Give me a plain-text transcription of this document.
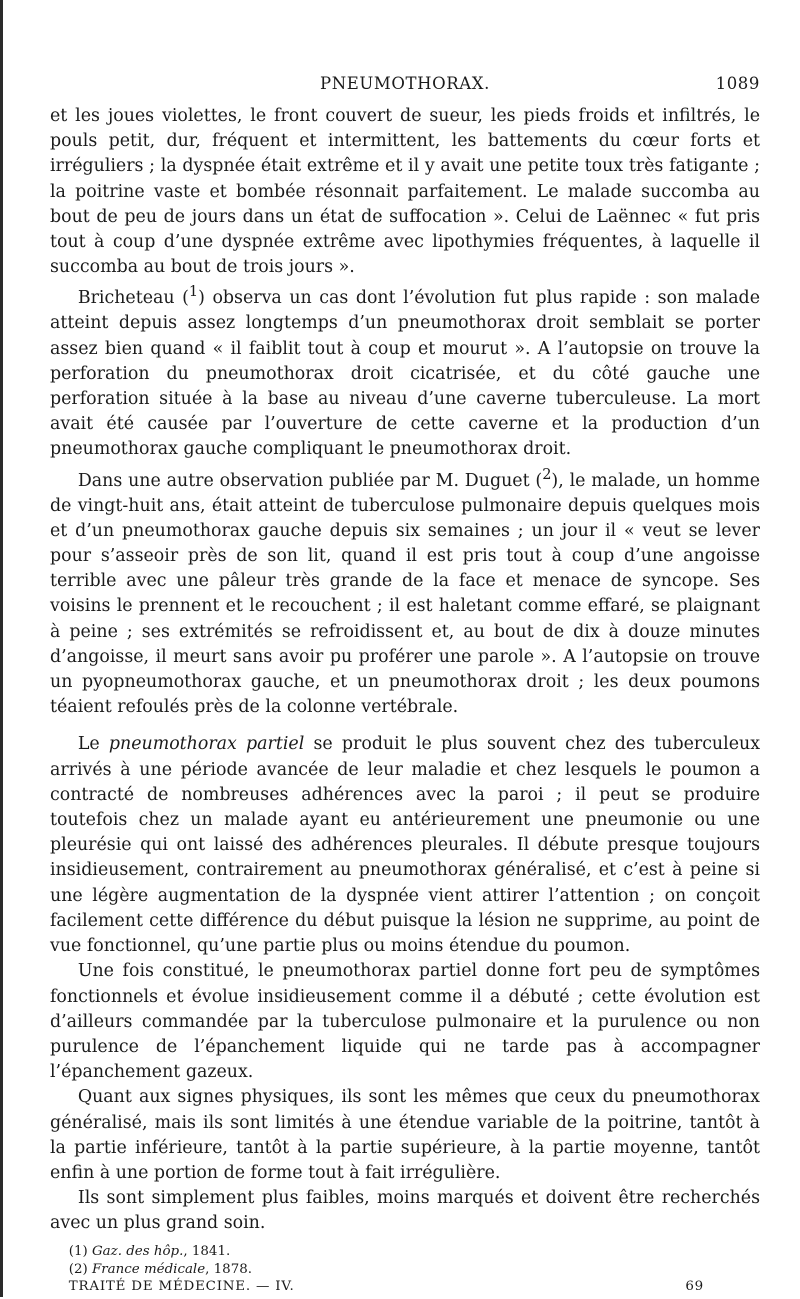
PNEUMOTHORAX.	1089

et les joues violettes, le front couvert de sueur, les pieds froids et infiltrés, le pouls petit, dur, fréquent et intermittent, les battements du cœur forts et irréguliers ; la dyspnée était extrême et il y avait une petite toux très fatigante ; la poitrine vaste et bombée résonnait parfaitement. Le malade succomba au bout de peu de jours dans un état de suffocation ». Celui de Laënnec « fut pris tout à coup d’une dyspnée extrême avec lipothymies fréquentes, à laquelle il succomba au bout de trois jours ».

Bricheteau ($^1$) observa un cas dont l’évolution fut plus rapide : son malade atteint depuis assez longtemps d’un pneumothorax droit semblait se porter assez bien quand « il faiblit tout à coup et mourut ». A l’autopsie on trouve la perforation du pneumothorax droit cicatrisée, et du côté gauche une perforation située à la base au niveau d’une caverne tuberculeuse. La mort avait été causée par l’ouverture de cette caverne et la production d’un pneumothorax gauche compliquant le pneumothorax droit.

Dans une autre observation publiée par M. Duguet ($^2$), le malade, un homme de vingt-huit ans, était atteint de tuberculose pulmonaire depuis quelques mois et d’un pneumothorax gauche depuis six semaines ; un jour il « veut se lever pour s’asseoir près de son lit, quand il est pris tout à coup d’une angoisse terrible avec une pâleur très grande de la face et menace de syncope. Ses voisins le prennent et le recouchent ; il est haletant comme effaré, se plaignant à peine ; ses extrémités se refroidissent et, au bout de dix à douze minutes d’angoisse, il meurt sans avoir pu proférer une parole ». A l’autopsie on trouve un pyopneumothorax gauche, et un pneumothorax droit ; les deux poumons téaient refoulés près de la colonne vertébrale.

Le pneumothorax partiel se produit le plus souvent chez des tuberculeux arrivés à une période avancée de leur maladie et chez lesquels le poumon a contracté de nombreuses adhérences avec la paroi ; il peut se produire toutefois chez un malade ayant eu antérieurement une pneumonie ou une pleurésie qui ont laissé des adhérences pleurales. Il débute presque toujours insidieusement, contrairement au pneumothorax généralisé, et c’est à peine si une légère augmentation de la dyspnée vient attirer l’attention ; on conçoit facilement cette différence du début puisque la lésion ne supprime, au point de vue fonctionnel, qu’une partie plus ou moins étendue du poumon.

Une fois constitué, le pneumothorax partiel donne fort peu de symptômes fonctionnels et évolue insidieusement comme il a débuté ; cette évolution est d’ailleurs commandée par la tuberculose pulmonaire et la purulence ou non purulence de l’épanchement liquide qui ne tarde pas à accompagner l’épanchement gazeux.

Quant aux signes physiques, ils sont les mêmes que ceux du pneumothorax généralisé, mais ils sont limités à une étendue variable de la poitrine, tantôt à la partie inférieure, tantôt à la partie supérieure, à la partie moyenne, tantôt enfin à une portion de forme tout à fait irrégulière.

Ils sont simplement plus faibles, moins marqués et doivent être recherchés avec un plus grand soin.

(1) Gaz. des hôp., 1841.
(2) France médicale, 1878.
TRAITÉ DE MÉDECINE. — IV.	69
